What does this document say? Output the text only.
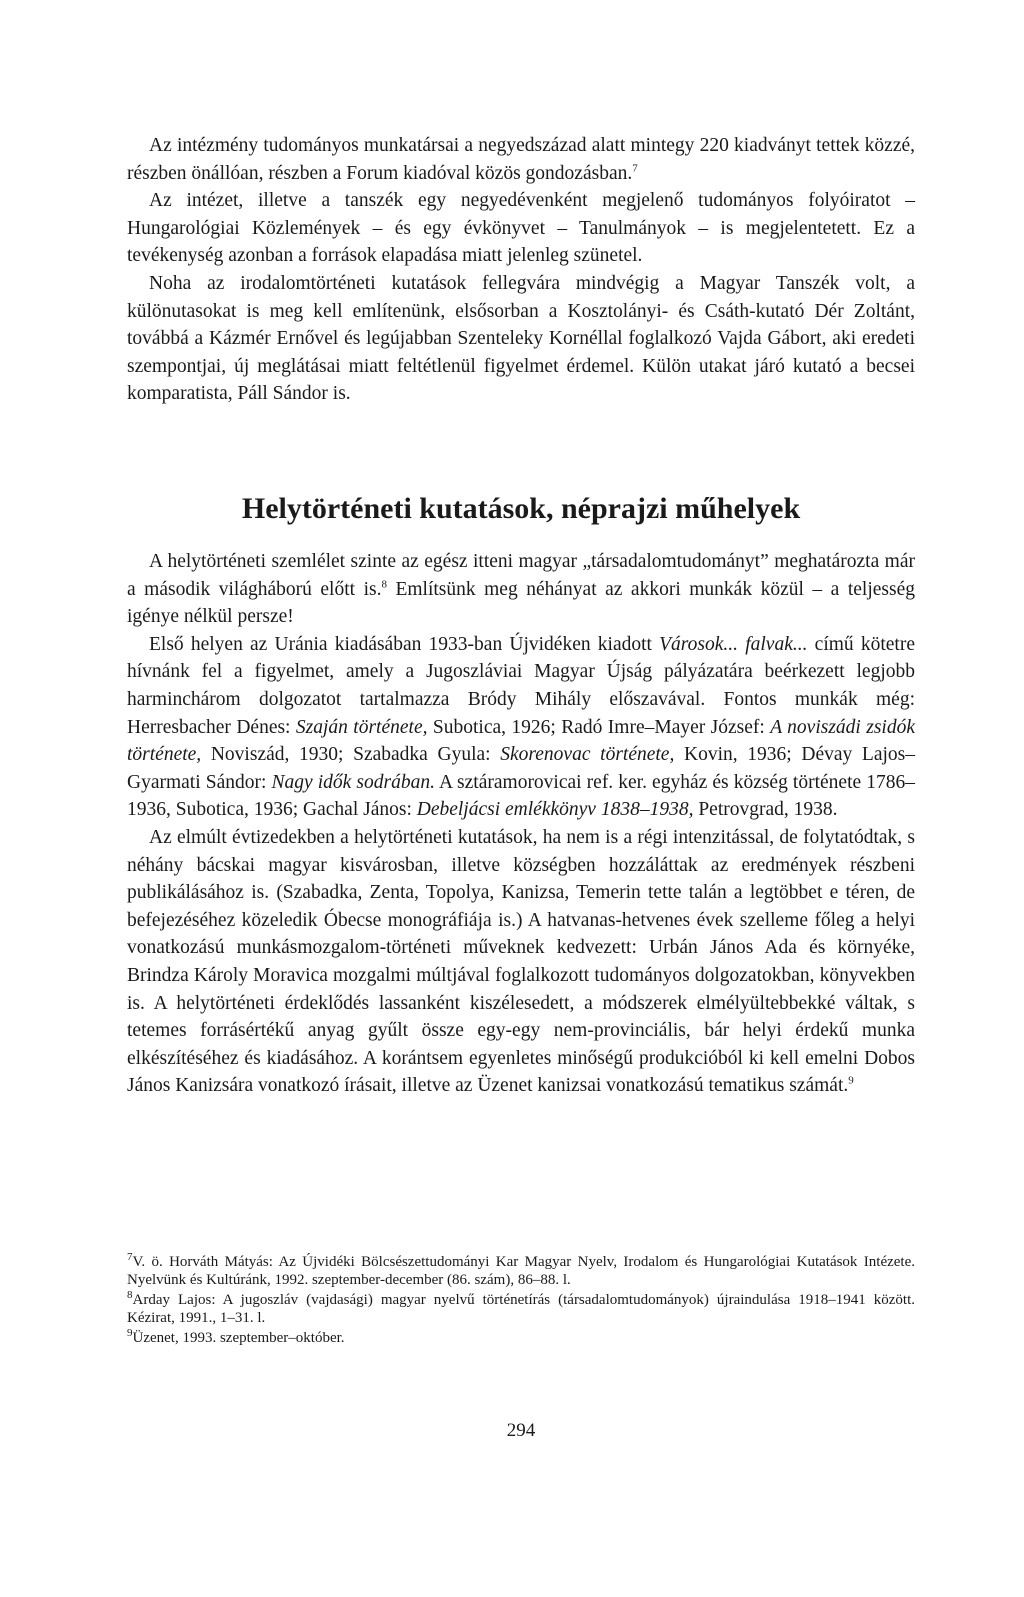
Az intézmény tudományos munkatársai a negyedszázad alatt mintegy 220 kiadványt tettek közzé, részben önállóan, részben a Forum kiadóval közös gondozásban.$^7$

Az intézet, illetve a tanszék egy negyedévenként megjelenő tudományos folyóiratot – Hungarológiai Közlemények – és egy évkönyvet – Tanulmányok – is megjelentetett. Ez a tevékenység azonban a források elapadása miatt jelenleg szünetel.

Noha az irodalomtörténeti kutatások fellegvára mindvégig a Magyar Tanszék volt, a különutasokat is meg kell említenünk, elsősorban a Kosztolányi- és Csáth-kutató Dér Zoltánt, továbbá a Kázmér Ernővel és legújabban Szenteleky Kornéllal foglalkozó Vajda Gábort, aki eredeti szempontjai, új meglátásai miatt feltétlenül figyelmet érdemel. Külön utakat járó kutató a becsei komparatista, Páll Sándor is.

Helytörténeti kutatások, néprajzi műhelyek

A helytörténeti szemlélet szinte az egész itteni magyar „társadalomtudományt” meghatározta már a második világháború előtt is.$^8$ Említsünk meg néhányat az akkori munkák közül – a teljesség igénye nélkül persze!

Első helyen az Uránia kiadásában 1933-ban Újvidéken kiadott Városok... falvak... című kötetre hívnánk fel a figyelmet, amely a Jugoszláviai Magyar Újság pályázatára beérkezett legjobb harminchárom dolgozatot tartalmazza Bródy Mihály előszavával. Fontos munkák még: Herresbacher Dénes: Szaján története, Subotica, 1926; Radó Imre–Mayer József: A noviszádi zsidók története, Noviszád, 1930; Szabadka Gyula: Skorenovac története, Kovin, 1936; Dévay Lajos–Gyarmati Sándor: Nagy idők sodrában. A sztáramorovicai ref. ker. egyház és község története 1786–1936, Subotica, 1936; Gachal János: Debeljácsi emlékkönyv 1838–1938, Petrovgrad, 1938.

Az elmúlt évtizedekben a helytörténeti kutatások, ha nem is a régi intenzitással, de folytatódtak, s néhány bácskai magyar kisvárosban, illetve községben hozzáláttak az eredmények részbeni publikálásához is. (Szabadka, Zenta, Topolya, Kanizsa, Temerin tette talán a legtöbbet e téren, de befejezéséhez közeledik Óbecse monográfiája is.) A hatvanas-hetvenes évek szelleme főleg a helyi vonatkozású munkásmozgalom-történeti műveknek kedvezett: Urbán János Ada és környéke, Brindza Károly Moravica mozgalmi múltjával foglalkozott tudományos dolgozatokban, könyvekben is. A helytörténeti érdeklődés lassanként kiszélesedett, a módszerek elmélyültebbekké váltak, s tetemes forrásértékű anyag gyűlt össze egy-egy nem-provinciális, bár helyi érdekű munka elkészítéséhez és kiadásához. A korántsem egyenletes minőségű produkcióból ki kell emelni Dobos János Kanizsára vonatkozó írásait, illetve az Üzenet kanizsai vonatkozású tematikus számát.$^9$

$^7$V. ö. Horváth Mátyás: Az Újvidéki Bölcsészettudományi Kar Magyar Nyelv, Irodalom és Hungarológiai Kutatások Intézete. Nyelvünk és Kultúránk, 1992. szeptember-december (86. szám), 86–88. l.

$^8$Arday Lajos: A jugoszláv (vajdasági) magyar nyelvű történetírás (társadalomtudományok) újraindulása 1918–1941 között. Kézirat, 1991., 1–31. l.

$^9$Üzenet, 1993. szeptember–október.

294
